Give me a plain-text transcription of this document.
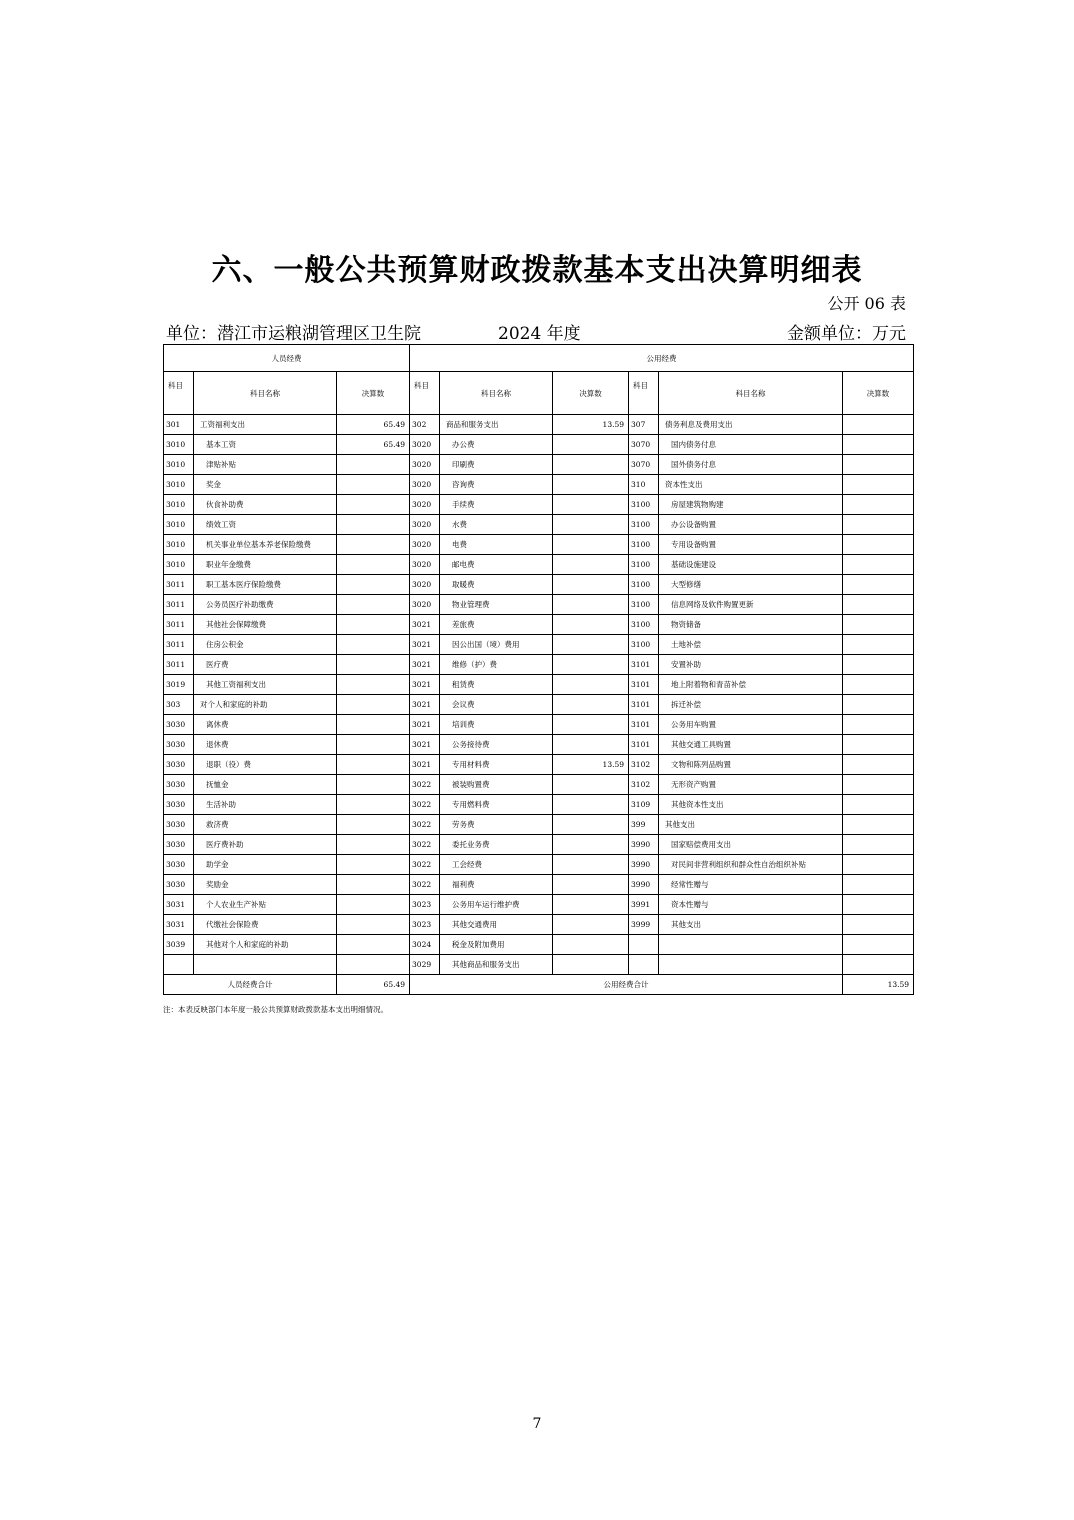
六、一般公共预算财政拨款基本支出决算明细表
公开 06 表
单位：潜江市运粮湖管理区卫生院	2024 年度	金额单位：万元
人员经费			公用经费					
科目	科目名称	决算数	科目	科目名称	决算数	科目	科目名称	决算数
301	工资福利支出	65.49	302	商品和服务支出	13.59	307	债务利息及费用支出	
3010	基本工资	65.49	3020	办公费		3070	国内债务付息	
3010	津贴补贴		3020	印刷费		3070	国外债务付息	
3010	奖金		3020	咨询费		310	资本性支出	
3010	伙食补助费		3020	手续费		3100	房屋建筑物购建	
3010	绩效工资		3020	水费		3100	办公设备购置	
3010	机关事业单位基本养老保险缴费		3020	电费		3100	专用设备购置	
3010	职业年金缴费		3020	邮电费		3100	基础设施建设	
3011	职工基本医疗保险缴费		3020	取暖费		3100	大型修缮	
3011	公务员医疗补助缴费		3020	物业管理费		3100	信息网络及软件购置更新	
3011	其他社会保障缴费		3021	差旅费		3100	物资储备	
3011	住房公积金		3021	因公出国（境）费用		3100	土地补偿	
3011	医疗费		3021	维修（护）费		3101	安置补助	
3019	其他工资福利支出		3021	租赁费		3101	地上附着物和青苗补偿	
303	对个人和家庭的补助		3021	会议费		3101	拆迁补偿	
3030	离休费		3021	培训费		3101	公务用车购置	
3030	退休费		3021	公务接待费		3101	其他交通工具购置	
3030	退职（役）费		3021	专用材料费	13.59	3102	文物和陈列品购置	
3030	抚恤金		3022	被装购置费		3102	无形资产购置	
3030	生活补助		3022	专用燃料费		3109	其他资本性支出	
3030	救济费		3022	劳务费		399	其他支出	
3030	医疗费补助		3022	委托业务费		3990	国家赔偿费用支出	
3030	助学金		3022	工会经费		3990	对民间非营利组织和群众性自治组织补贴	
3030	奖励金		3022	福利费		3990	经常性赠与	
3031	个人农业生产补贴		3023	公务用车运行维护费		3991	资本性赠与	
3031	代缴社会保险费		3023	其他交通费用		3999	其他支出	
3039	其他对个人和家庭的补助		3024	税金及附加费用				
			3029	其他商品和服务支出				
人员经费合计		65.49	公用经费合计					13.59
注：本表反映部门本年度一般公共预算财政拨款基本支出明细情况。
7
